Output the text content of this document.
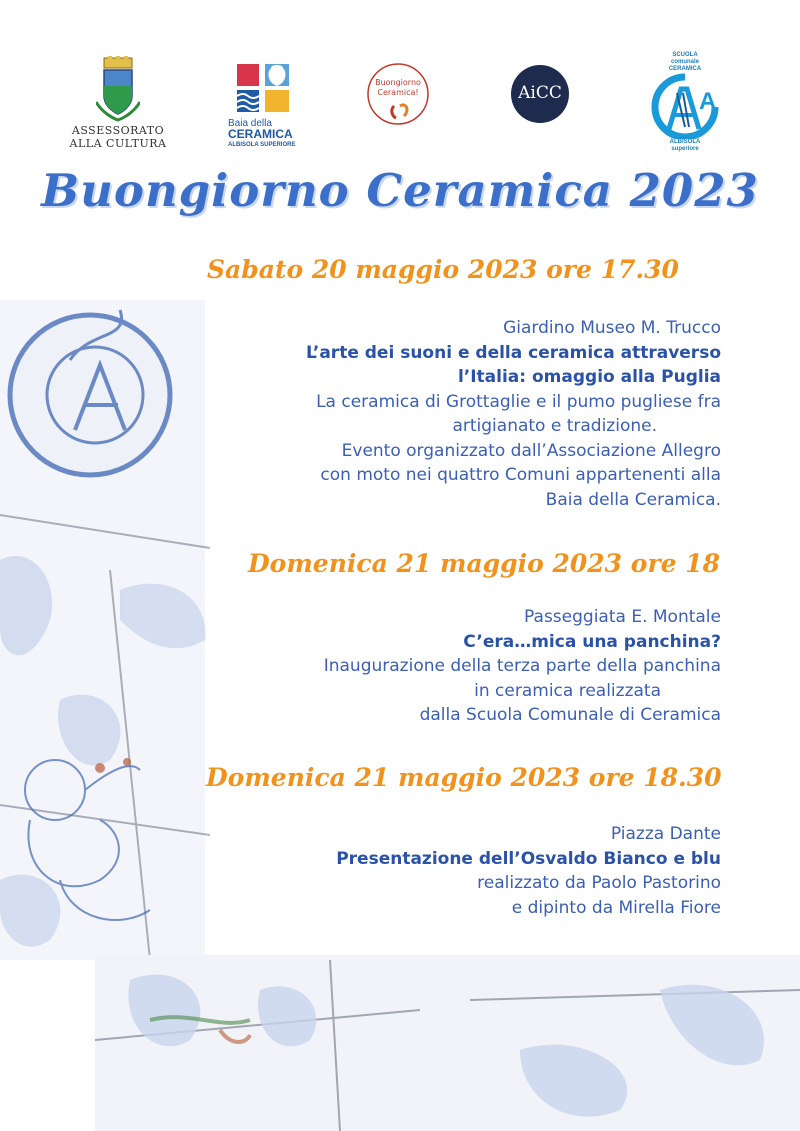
ASSESSORATO
ALLA CULTURA
Baia della
CERAMICA
ALBISOLA SUPERIORE
Buongiorno
Ceramica!	AiCC
SCUOLA
comunale
CERAMICA
A
ALBISOLA
superiore
Buongiorno Ceramica 2023
Sabato 20 maggio 2023 ore 17.30
Giardino Museo M. Trucco
L’arte dei suoni e della ceramica attraverso
l’Italia: omaggio alla Puglia
La ceramica di Grottaglie e il pumo pugliese fra
artigianato e tradizione.
Evento organizzato dall’Associazione Allegro
con moto nei quattro Comuni appartenenti alla
Baia della Ceramica.
Domenica 21 maggio 2023 ore 18
Passeggiata E. Montale
C’era…mica una panchina?
Inaugurazione della terza parte della panchina
in ceramica realizzata
dalla Scuola Comunale di Ceramica
Domenica 21 maggio 2023 ore 18.30
Piazza Dante
Presentazione dell’Osvaldo Bianco e blu
realizzato da Paolo Pastorino
e dipinto da Mirella Fiore
